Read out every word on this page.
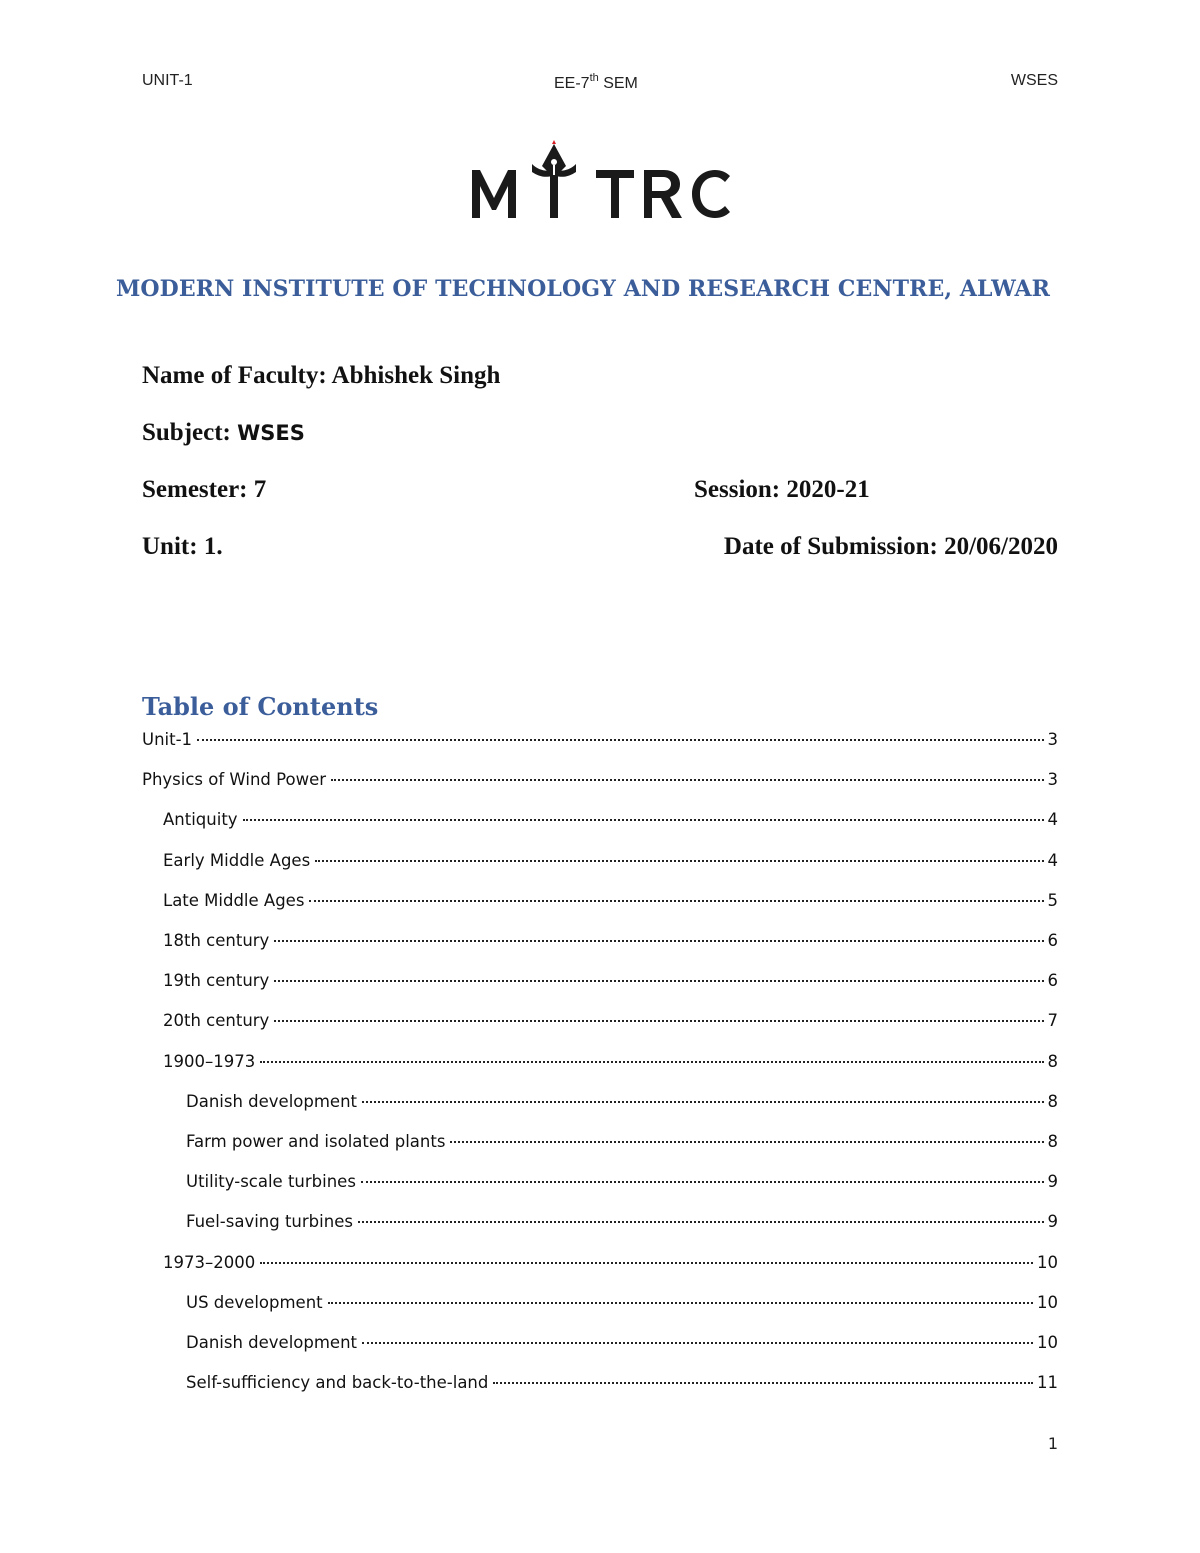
UNIT-1	EE-7th SEM	WSES
MODERN INSTITUTE OF TECHNOLOGY AND RESEARCH CENTRE, ALWAR
Name of Faculty: Abhishek Singh
Subject: WSES
Semester: 7	Session: 2020-21
Unit: 1.	Date of Submission: 20/06/2020
Table of Contents
Unit-1	3
Physics of Wind Power	3
Antiquity	4
Early Middle Ages	4
Late Middle Ages	5
18th century	6
19th century	6
20th century	7
1900–1973	8
Danish development	8
Farm power and isolated plants	8
Utility-scale turbines	9
Fuel-saving turbines	9
1973–2000	10
US development	10
Danish development	10
Self-sufficiency and back-to-the-land	11
1
